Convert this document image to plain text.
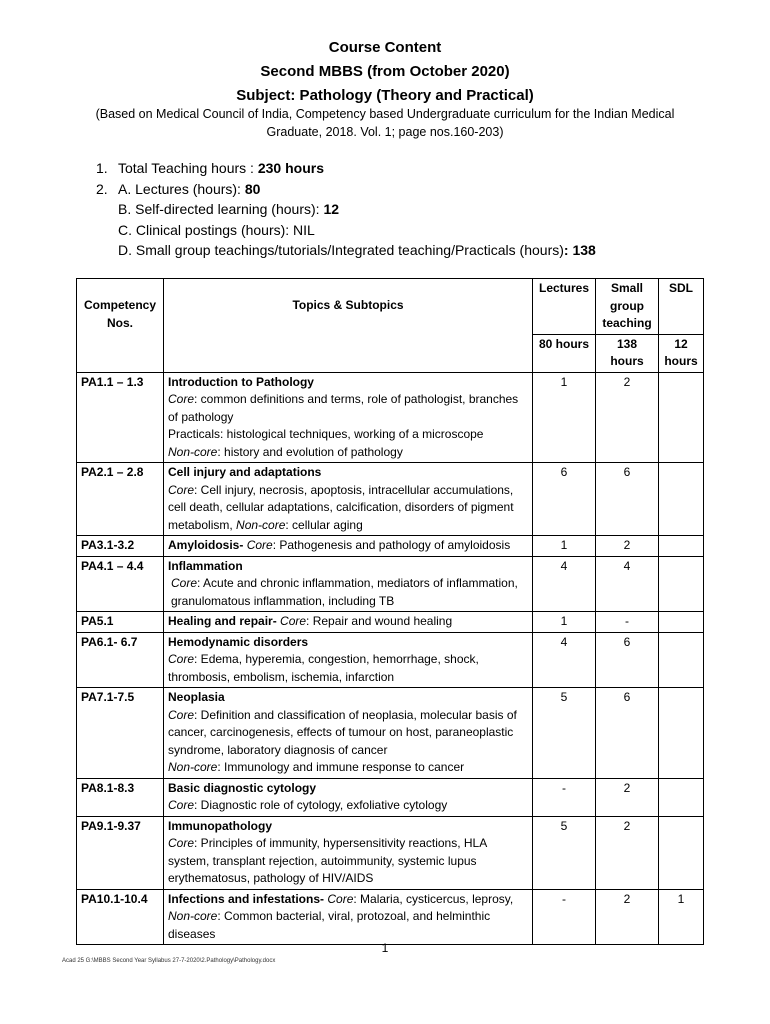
Course Content
Second MBBS (from October 2020)
Subject: Pathology (Theory and Practical)
(Based on Medical Council of India, Competency based Undergraduate curriculum for the Indian Medical Graduate, 2018. Vol. 1; page nos.160-203)
1. Total Teaching hours : 230 hours
2. A. Lectures (hours): 80
B. Self-directed learning (hours): 12
C. Clinical postings (hours): NIL
D. Small group teachings/tutorials/Integrated teaching/Practicals (hours): 138
Competency Nos.	Topics & Subtopics	Lectures	Small group teaching	SDL
		80 hours	138 hours	12 hours
PA1.1 – 1.3	Introduction to Pathology
Core: common definitions and terms, role of pathologist, branches of pathology
Practicals: histological techniques, working of a microscope
Non-core: history and evolution of pathology	1	2	
PA2.1 – 2.8	Cell injury and adaptations
Core: Cell injury, necrosis, apoptosis, intracellular accumulations, cell death, cellular adaptations, calcification, disorders of pigment metabolism, Non-core: cellular aging	6	6	
PA3.1-3.2	Amyloidosis- Core: Pathogenesis and pathology of amyloidosis	1	2	
PA4.1 – 4.4	Inflammation
Core: Acute and chronic inflammation, mediators of inflammation, granulomatous inflammation, including TB	4	4	
PA5.1	Healing and repair- Core: Repair and wound healing	1	-	
PA6.1- 6.7	Hemodynamic disorders
Core: Edema, hyperemia, congestion, hemorrhage, shock, thrombosis, embolism, ischemia, infarction	4	6	
PA7.1-7.5	Neoplasia
Core: Definition and classification of neoplasia, molecular basis of cancer, carcinogenesis, effects of tumour on host, paraneoplastic syndrome, laboratory diagnosis of cancer
Non-core: Immunology and immune response to cancer	5	6	
PA8.1-8.3	Basic diagnostic cytology
Core: Diagnostic role of cytology, exfoliative cytology	-	2	
PA9.1-9.37	Immunopathology
Core: Principles of immunity, hypersensitivity reactions, HLA system, transplant rejection, autoimmunity, systemic lupus erythematosus, pathology of HIV/AIDS	5	2	
PA10.1-10.4	Infections and infestations- Core: Malaria, cysticercus, leprosy,
Non-core: Common bacterial, viral, protozoal, and helminthic diseases	-	2	1
1
Acad 25 G:\MBBS Second Year Syllabus 27-7-2020\2.Pathology\Pathology.docx
